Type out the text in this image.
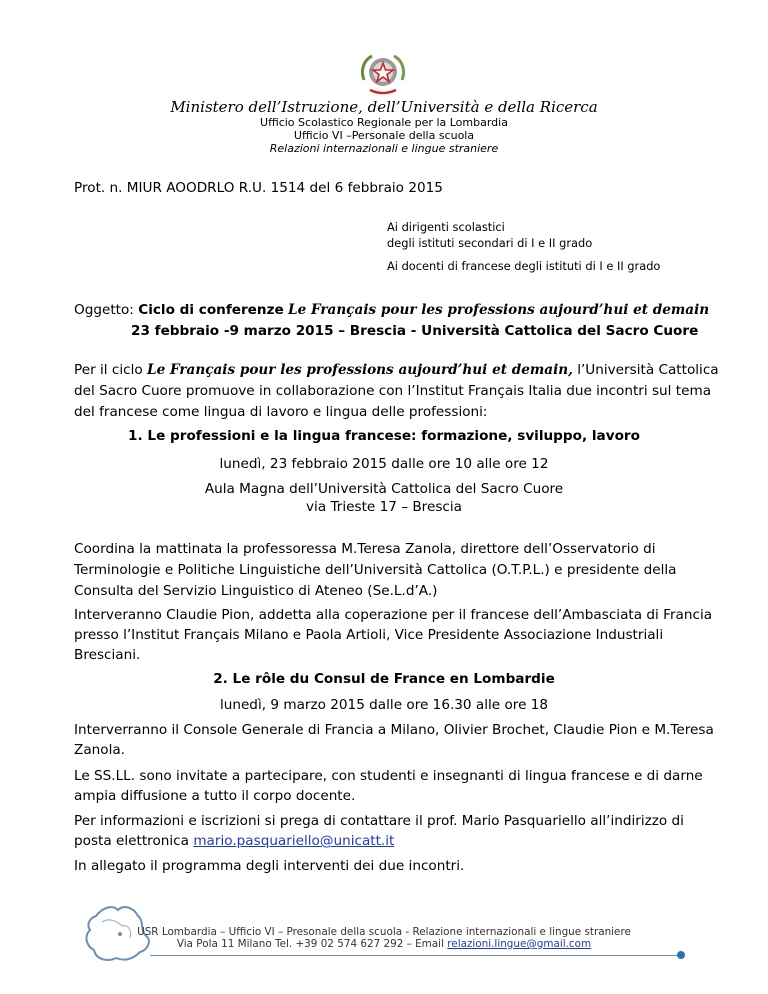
Ministero dell’Istruzione, dell’Università e della Ricerca
Ufficio Scolastico Regionale per la Lombardia
Ufficio VI –Personale della scuola
Relazioni internazionali e lingue straniere
Prot. n. MIUR AOODRLO R.U. 1514 del 6 febbraio 2015
Ai dirigenti scolastici
degli istituti secondari di I e II grado
Ai docenti di francese degli istituti di I e II grado
Oggetto: Ciclo di conferenze Le Français pour les professions aujourd’hui et demain
23 febbraio -9 marzo 2015 – Brescia - Università Cattolica del Sacro Cuore
Per il ciclo Le Français pour les professions aujourd’hui et demain, l’Università Cattolica
del Sacro Cuore promuove in collaborazione con l’Institut Français Italia due incontri sul tema
del francese come lingua di lavoro e lingua delle professioni:
1. Le professioni e la lingua francese: formazione, sviluppo, lavoro
lunedì, 23 febbraio 2015 dalle ore 10 alle ore 12
Aula Magna dell’Università Cattolica del Sacro Cuore
via Trieste 17 – Brescia
Coordina la mattinata la professoressa M.Teresa Zanola, direttore dell’Osservatorio di
Terminologie e Politiche Linguistiche dell’Università Cattolica (O.T.P.L.) e presidente della
Consulta del Servizio Linguistico di Ateneo (Se.L.d’A.)
Interveranno Claudie Pion, addetta alla coperazione per il francese dell’Ambasciata di Francia
presso l’Institut Français Milano e Paola Artioli, Vice Presidente Associazione Industriali
Bresciani.
2. Le rôle du Consul de France en Lombardie
lunedì, 9 marzo 2015 dalle ore 16.30 alle ore 18
Interverranno il Console Generale di Francia a Milano, Olivier Brochet, Claudie Pion e M.Teresa
Zanola.
Le SS.LL. sono invitate a partecipare, con studenti e insegnanti di lingua francese e di darne
ampia diffusione a tutto il corpo docente.
Per informazioni e iscrizioni si prega di contattare il prof. Mario Pasquariello all’indirizzo di
posta elettronica mario.pasquariello@unicatt.it
In allegato il programma degli interventi dei due incontri.
USR Lombardia – Ufficio VI – Presonale della scuola - Relazione internazionali e lingue straniere
Via Pola 11 Milano Tel. +39 02 574 627 292 – Email relazioni.lingue@gmail.com
